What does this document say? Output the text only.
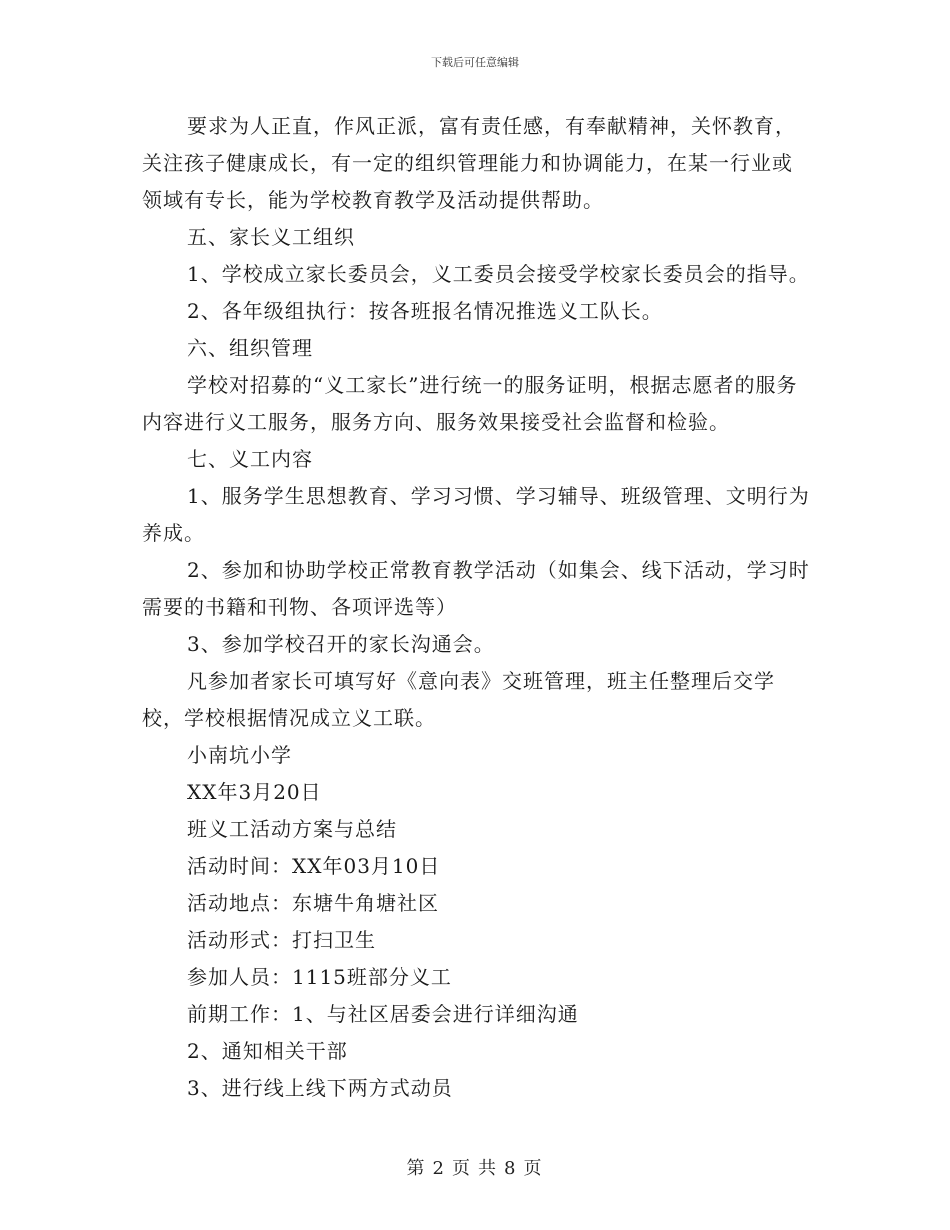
下载后可任意编辑

要求为人正直，作风正派，富有责任感，有奉献精神，关怀教育，关注孩子健康成长，有一定的组织管理能力和协调能力，在某一行业或领域有专长，能为学校教育教学及活动提供帮助。

五、家长义工组织

1、学校成立家长委员会，义工委员会接受学校家长委员会的指导。

2、各年级组执行：按各班报名情况推选义工队长。

六、组织管理

学校对招募的“义工家长”进行统一的服务证明，根据志愿者的服务内容进行义工服务，服务方向、服务效果接受社会监督和检验。

七、义工内容

1、服务学生思想教育、学习习惯、学习辅导、班级管理、文明行为养成。

2、参加和协助学校正常教育教学活动（如集会、线下活动，学习时需要的书籍和刊物、各项评选等）

3、参加学校召开的家长沟通会。

凡参加者家长可填写好《意向表》交班管理，班主任整理后交学校，学校根据情况成立义工联。

小南坑小学

XX年3月20日

班义工活动方案与总结

活动时间：XX年03月10日

活动地点：东塘牛角塘社区

活动形式：打扫卫生

参加人员：1115班部分义工

前期工作：1、与社区居委会进行详细沟通

2、通知相关干部

3、进行线上线下两方式动员

第 2 页 共 8 页
